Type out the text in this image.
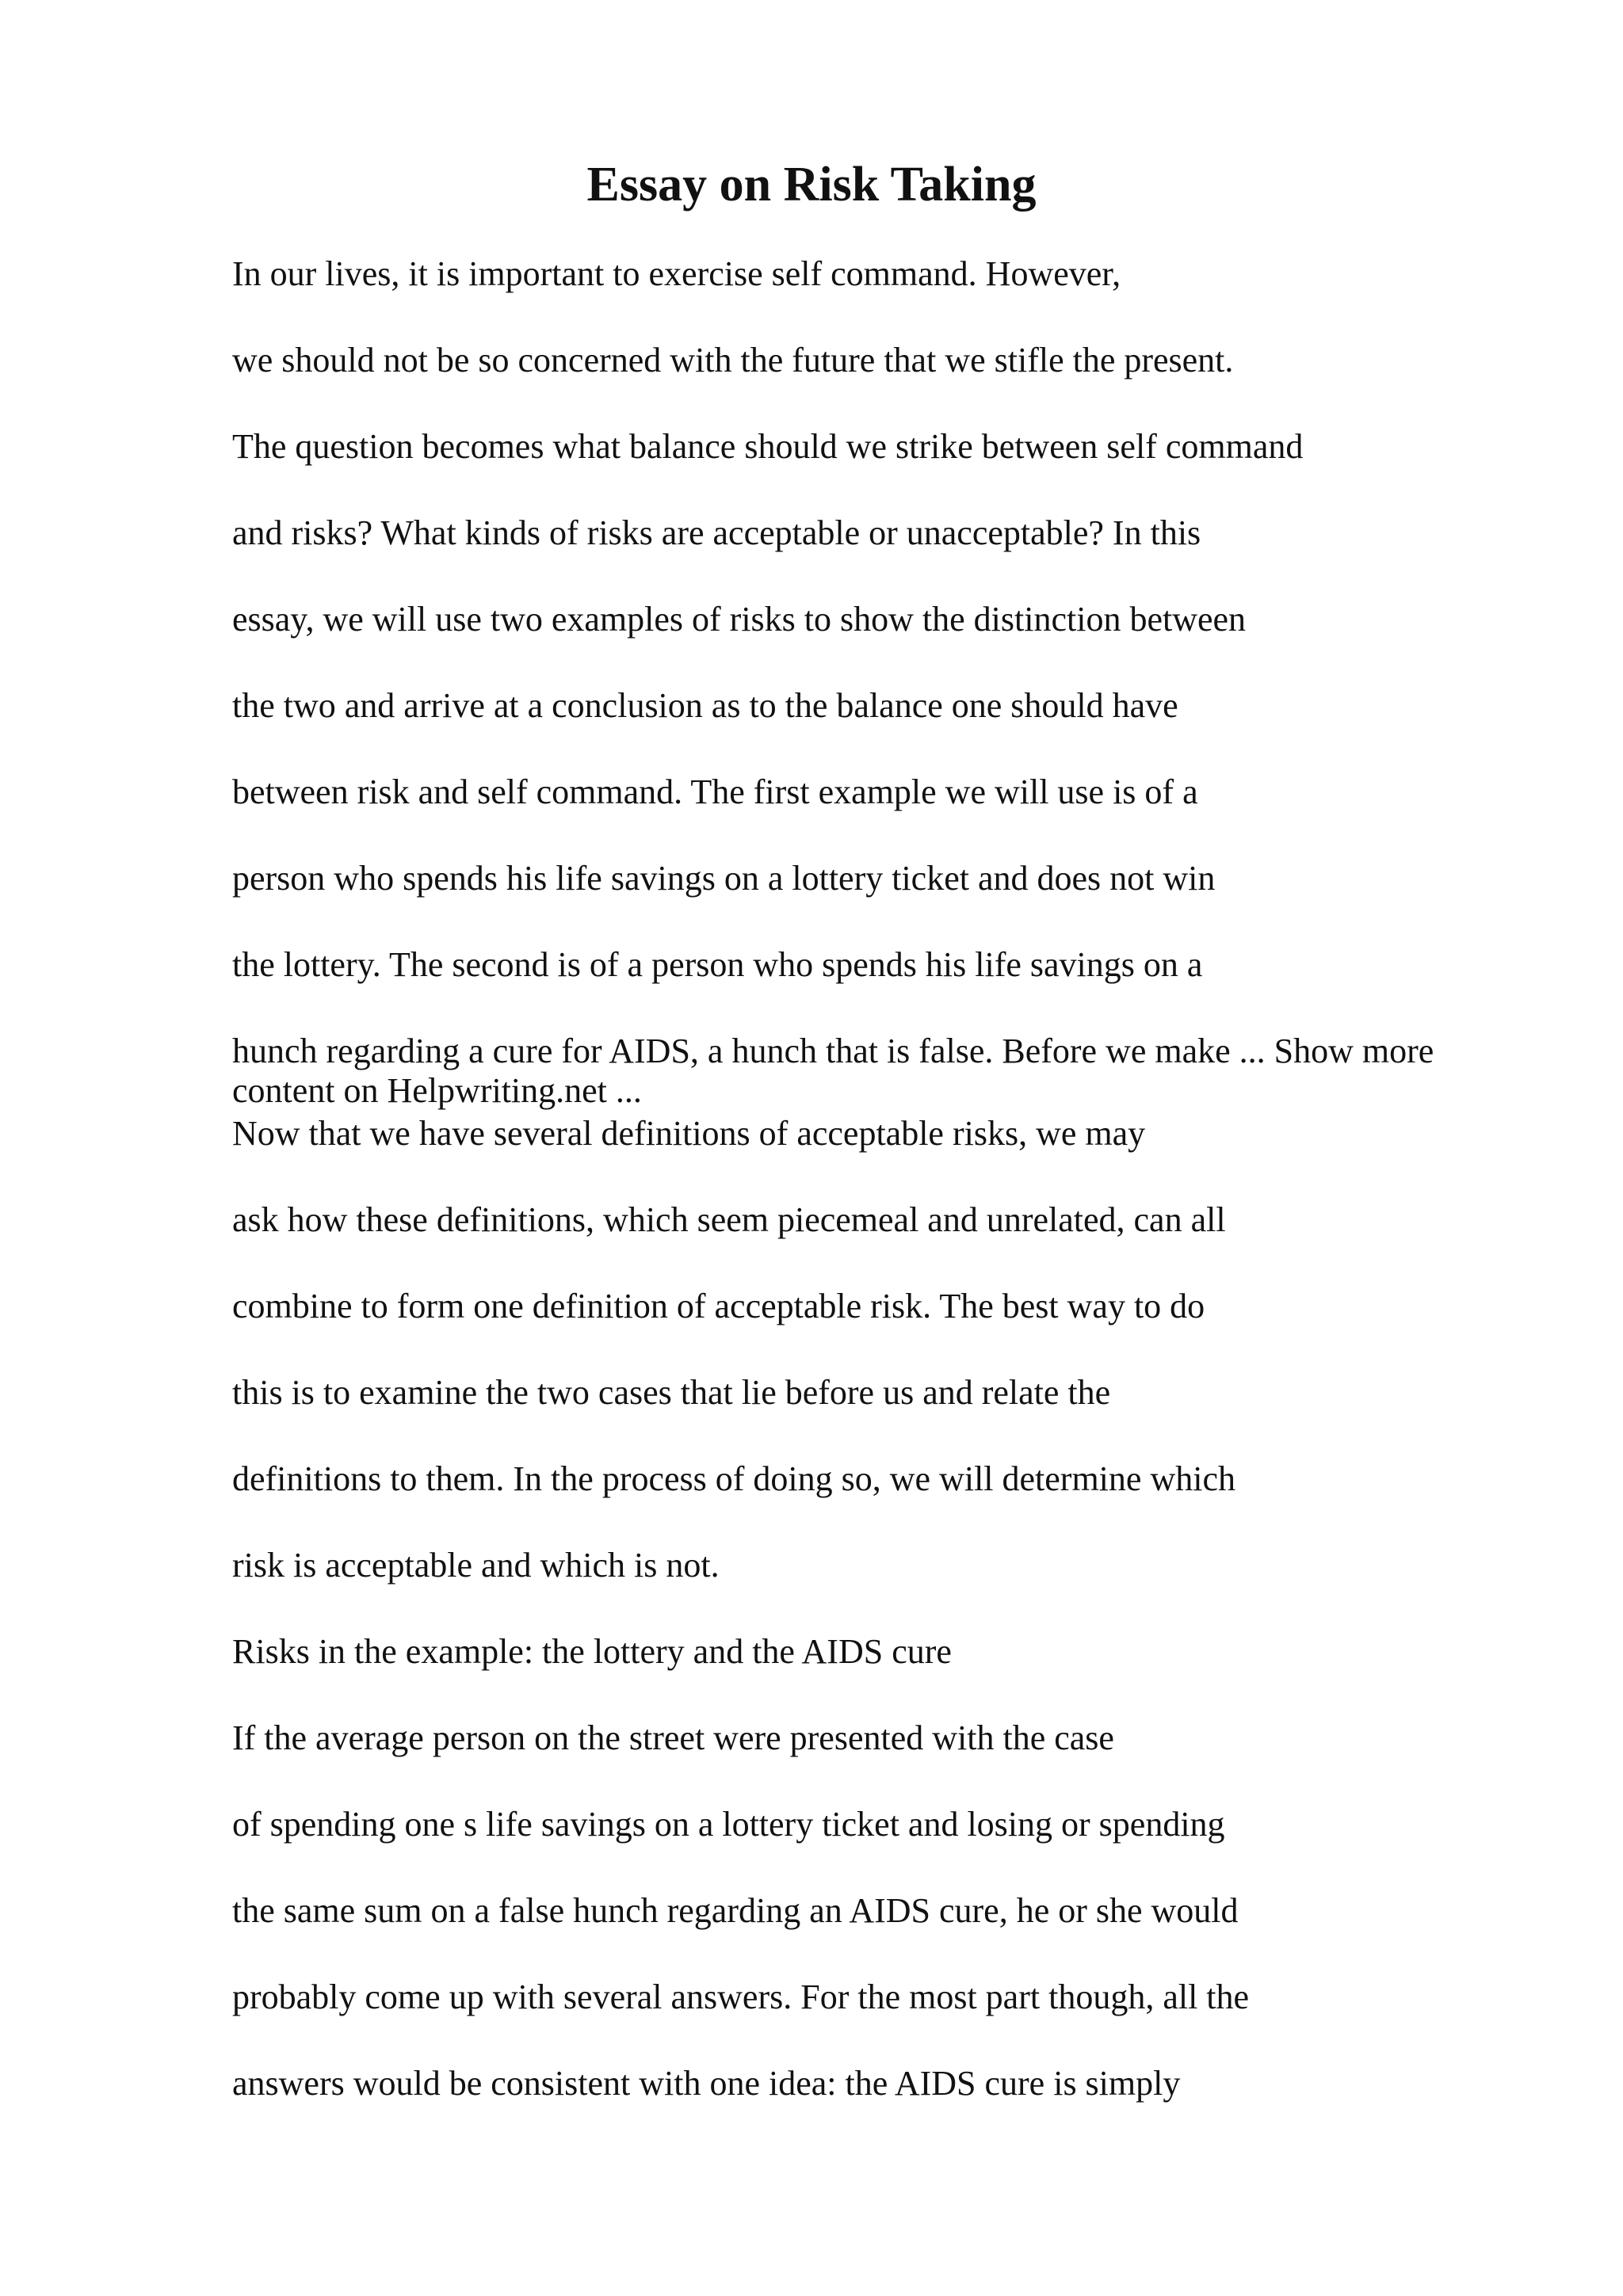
Essay on Risk Taking

In our lives, it is important to exercise self command. However,

we should not be so concerned with the future that we stifle the present.

The question becomes what balance should we strike between self command

and risks? What kinds of risks are acceptable or unacceptable? In this

essay, we will use two examples of risks to show the distinction between

the two and arrive at a conclusion as to the balance one should have

between risk and self command. The first example we will use is of a

person who spends his life savings on a lottery ticket and does not win

the lottery. The second is of a person who spends his life savings on a

hunch regarding a cure for AIDS, a hunch that is false. Before we make ... Show more

content on Helpwriting.net ...

Now that we have several definitions of acceptable risks, we may

ask how these definitions, which seem piecemeal and unrelated, can all

combine to form one definition of acceptable risk. The best way to do

this is to examine the two cases that lie before us and relate the

definitions to them. In the process of doing so, we will determine which

risk is acceptable and which is not.

Risks in the example: the lottery and the AIDS cure

If the average person on the street were presented with the case

of spending one s life savings on a lottery ticket and losing or spending

the same sum on a false hunch regarding an AIDS cure, he or she would

probably come up with several answers. For the most part though, all the

answers would be consistent with one idea: the AIDS cure is simply
